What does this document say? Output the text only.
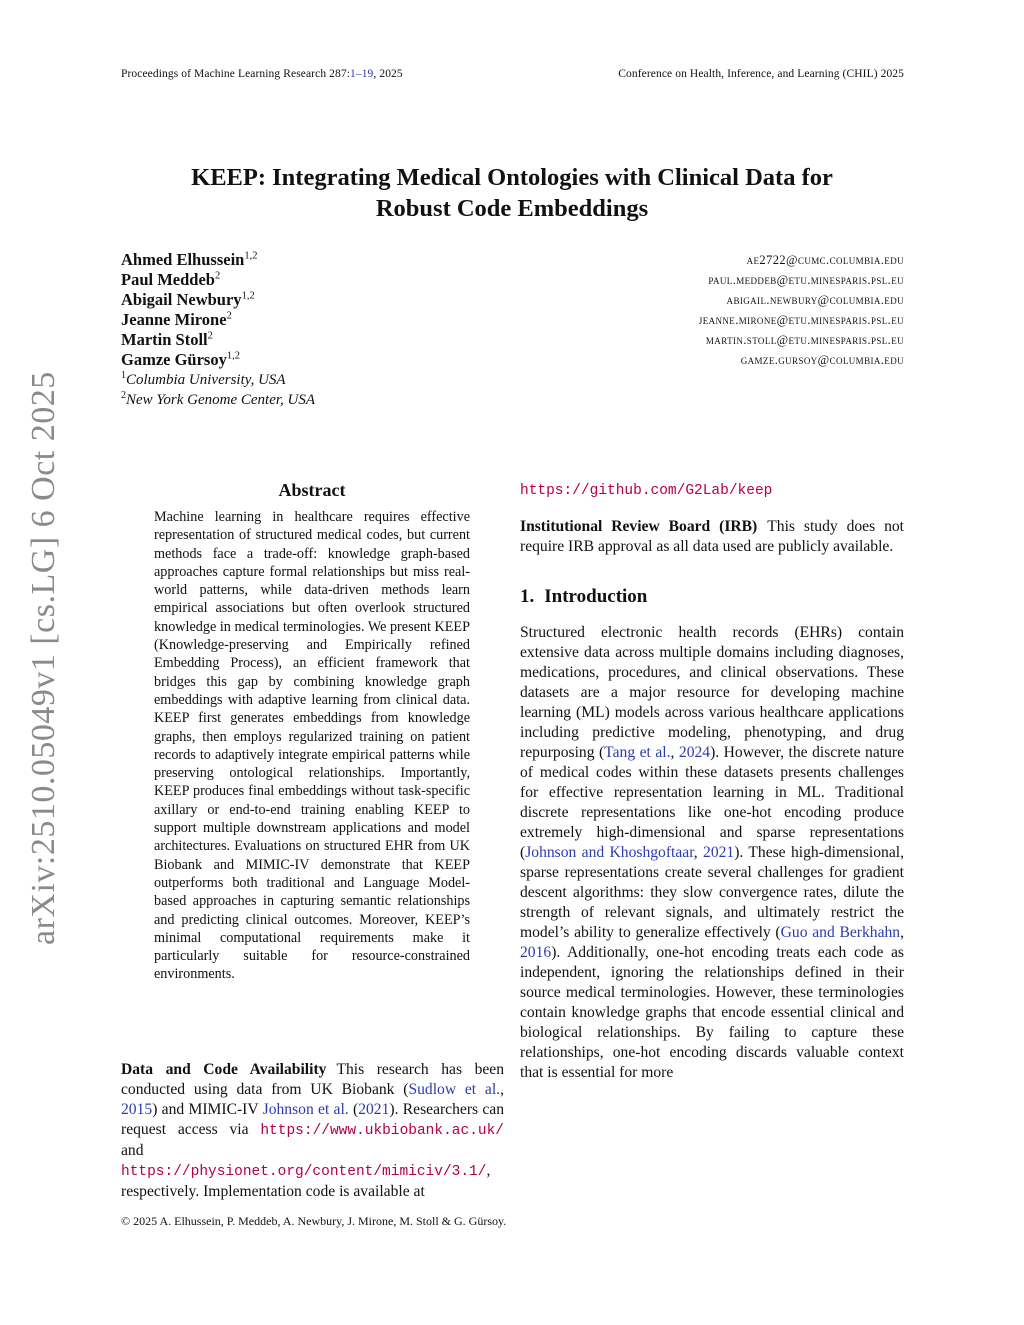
Proceedings of Machine Learning Research 287:1–19, 2025	Conference on Health, Inference, and Learning (CHIL) 2025
KEEP: Integrating Medical Ontologies with Clinical Data for
Robust Code Embeddings
Ahmed Elhussein$^{1,2}$	ae2722@cumc.columbia.edu
Paul Meddeb$^2$	paul.meddeb@etu.minesparis.psl.eu
Abigail Newbury$^{1,2}$	abigail.newbury@columbia.edu
Jeanne Mirone$^2$	jeanne.mirone@etu.minesparis.psl.eu
Martin Stoll$^2$	martin.stoll@etu.minesparis.psl.eu
Gamze Gürsoy$^{1,2}$	gamze.gursoy@columbia.edu
$^1$Columbia University, USA
$^2$New York Genome Center, USA
arXiv:2510.05049v1 [cs.LG] 6 Oct 2025	Abstract
Machine learning in healthcare requires effective representation of structured medical codes, but current methods face a trade-off: knowledge graph-based approaches capture formal relationships but miss real-world patterns, while data-driven methods learn empirical associations but often overlook structured knowledge in medical terminologies. We present KEEP (Knowledge-preserving and Empirically refined Embedding Process), an efficient framework that bridges this gap by combining knowledge graph embeddings with adaptive learning from clinical data. KEEP first generates embeddings from knowledge graphs, then employs regularized training on patient records to adaptively integrate empirical patterns while preserving ontological relationships. Importantly, KEEP produces final embeddings without task-specific axillary or end-to-end training enabling KEEP to support multiple downstream applications and model architectures. Evaluations on structured EHR from UK Biobank and MIMIC-IV demonstrate that KEEP outperforms both traditional and Language Model-based approaches in capturing semantic relationships and predicting clinical outcomes. Moreover, KEEP’s minimal computational requirements make it particularly suitable for resource-constrained environments.

Data and Code Availability This research has been conducted using data from UK Biobank (Sudlow et al., 2015) and MIMIC-IV Johnson et al. (2021). Researchers can request access via https://www.ukbiobank.ac.uk/ and https://physionet.org/content/mimiciv/3.1/, respectively. Implementation code is available at

https://github.com/G2Lab/keep

Institutional Review Board (IRB) This study does not require IRB approval as all data used are publicly available.

1. Introduction

Structured electronic health records (EHRs) contain extensive data across multiple domains including diagnoses, medications, procedures, and clinical observations. These datasets are a major resource for developing machine learning (ML) models across various healthcare applications including predictive modeling, phenotyping, and drug repurposing (Tang et al., 2024). However, the discrete nature of medical codes within these datasets presents challenges for effective representation learning in ML. Traditional discrete representations like one-hot encoding produce extremely high-dimensional and sparse representations (Johnson and Khoshgoftaar, 2021). These high-dimensional, sparse representations create several challenges for gradient descent algorithms: they slow convergence rates, dilute the strength of relevant signals, and ultimately restrict the model’s ability to generalize effectively (Guo and Berkhahn, 2016). Additionally, one-hot encoding treats each code as independent, ignoring the relationships defined in their source medical terminologies. However, these terminologies contain knowledge graphs that encode essential clinical and biological relationships. By failing to capture these relationships, one-hot encoding discards valuable context that is essential for more

© 2025 A. Elhussein, P. Meddeb, A. Newbury, J. Mirone, M. Stoll & G. Gürsoy.
